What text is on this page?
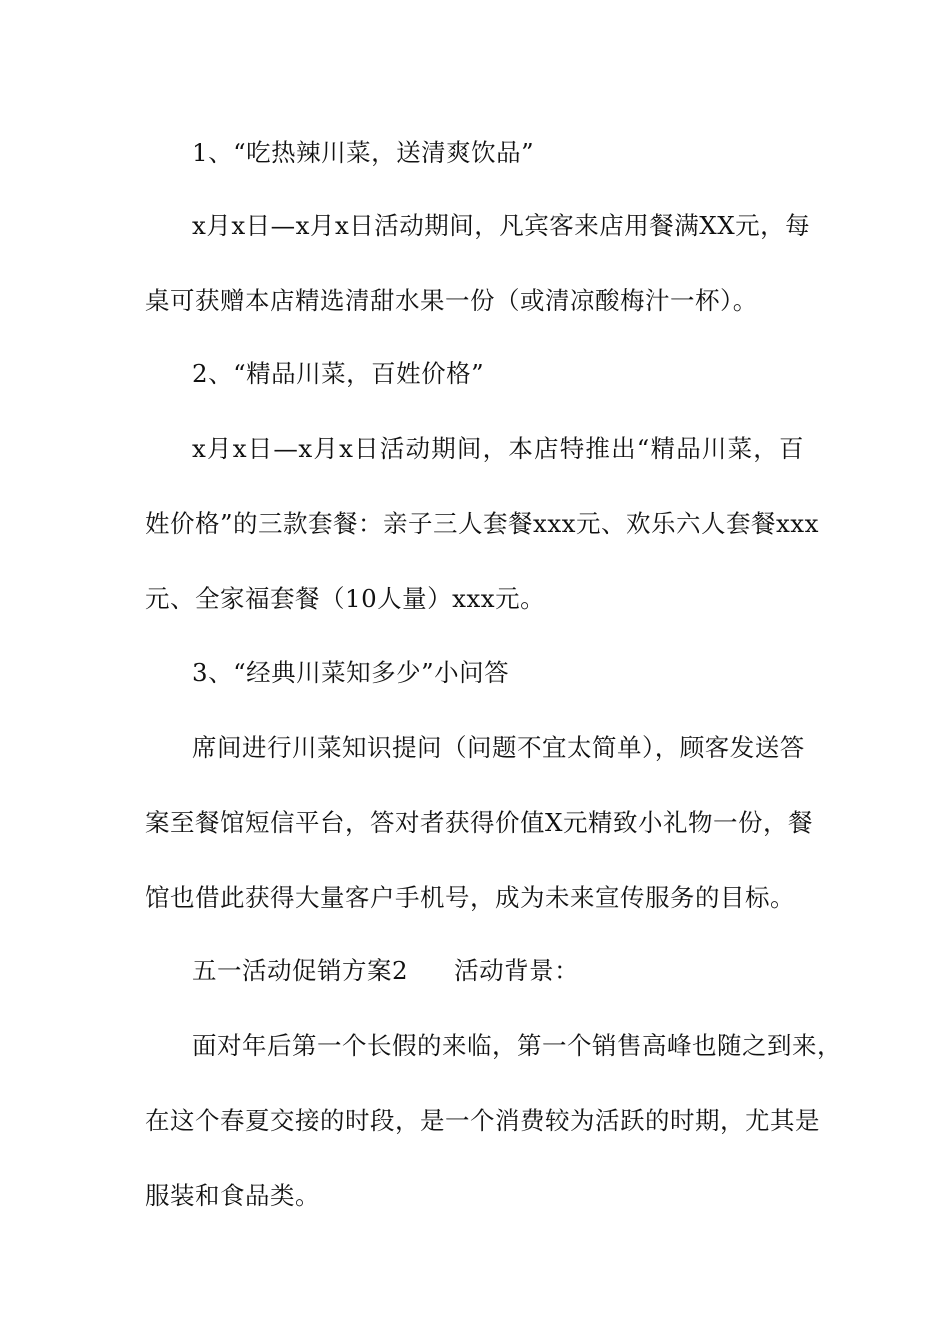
1、“吃热辣川菜，送清爽饮品”
x月x日—x月x日活动期间，凡宾客来店用餐满XX元，每
桌可获赠本店精选清甜水果一份（或清凉酸梅汁一杯）。
2、“精品川菜，百姓价格”
x月x日—x月x日活动期间，本店特推出“精品川菜，百
姓价格”的三款套餐：亲子三人套餐xxx元、欢乐六人套餐xxx
元、全家福套餐（10人量）xxx元。
3、“经典川菜知多少”小问答
席间进行川菜知识提问（问题不宜太简单），顾客发送答
案至餐馆短信平台，答对者获得价值X元精致小礼物一份，餐
馆也借此获得大量客户手机号，成为未来宣传服务的目标。
五一活动促销方案2 活动背景：
面对年后第一个长假的来临，第一个销售高峰也随之到来，
在这个春夏交接的时段，是一个消费较为活跃的时期，尤其是
服装和食品类。
